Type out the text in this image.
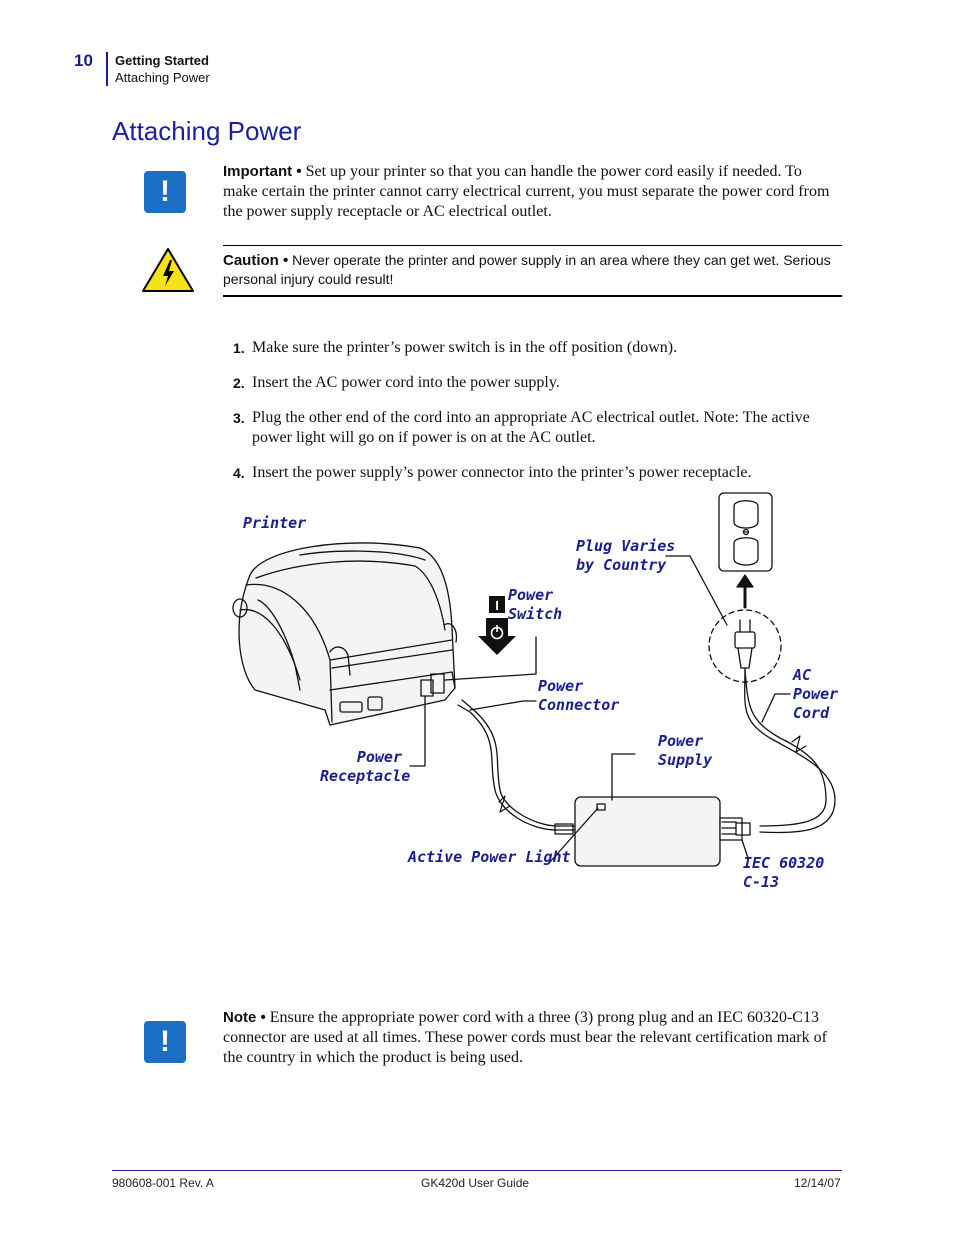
10 Getting Started
Attaching Power
Attaching Power
!
Important • Set up your printer so that you can handle the power cord easily if needed. To make certain the printer cannot carry electrical current, you must separate the power cord from the power supply receptacle or AC electrical outlet.
Caution • Never operate the printer and power supply in an area where they can get wet. Serious personal injury could result!
1. Make sure the printer’s power switch is in the off position (down).
2. Insert the AC power cord into the power supply.
3. Plug the other end of the cord into an appropriate AC electrical outlet. Note: The active power light will go on if power is on at the AC outlet.
4. Insert the power supply’s power connector into the printer’s power receptacle.
I
Printer
Plug Varies
by Country
Power
Switch
Power
Connector
AC
Power
Cord
Power
Supply
Power
Receptacle
Active Power Light	IEC 60320
C-13
!
Note • Ensure the appropriate power cord with a three (3) prong plug and an IEC 60320-C13 connector are used at all times. These power cords must bear the relevant certification mark of the country in which the product is being used.
980608-001 Rev. A	GK420d User Guide	12/14/07
